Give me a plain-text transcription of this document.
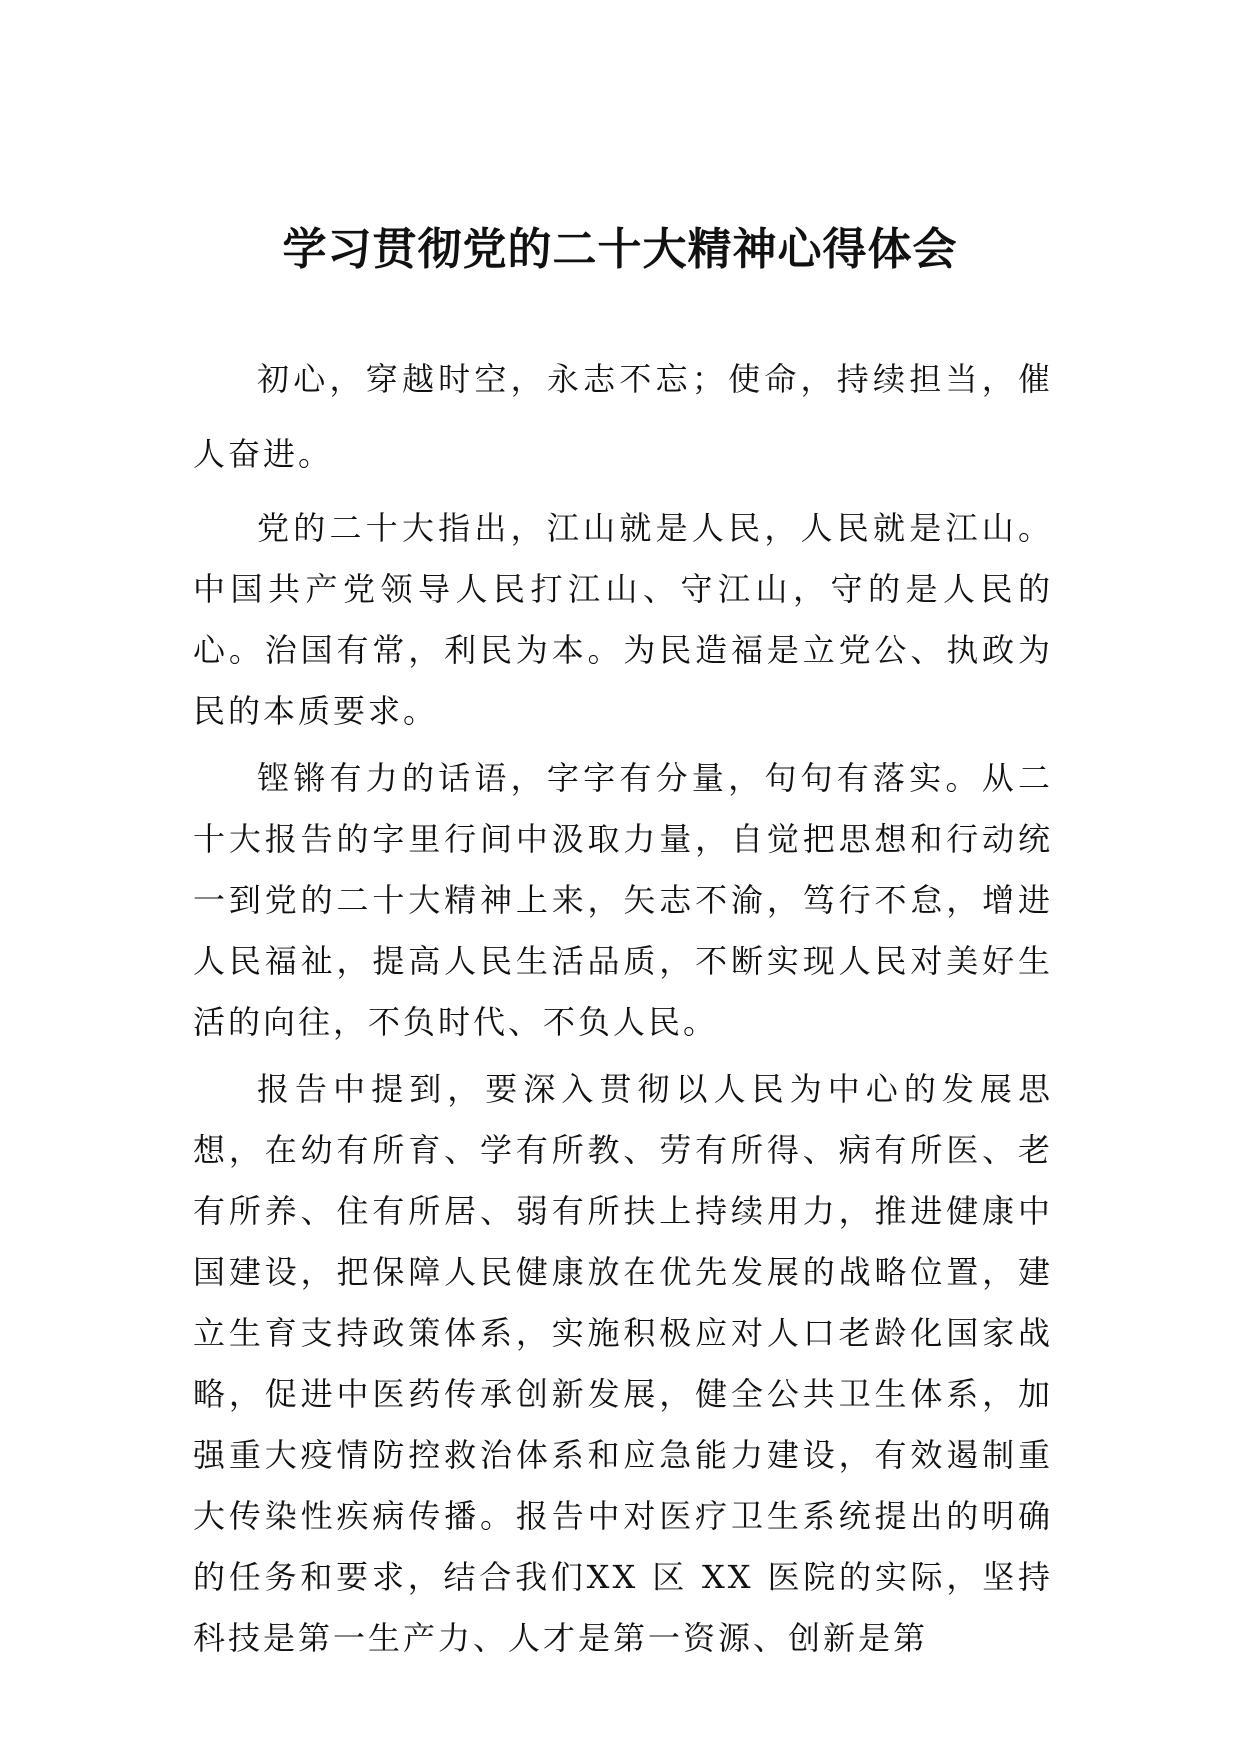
学习贯彻党的二十大精神心得体会

初心，穿越时空，永志不忘；使命，持续担当，催人奋进。

党的二十大指出，江山就是人民，人民就是江山。中国共产党领导人民打江山、守江山，守的是人民的心。治国有常，利民为本。为民造福是立党公、执政为民的本质要求。

铿锵有力的话语，字字有分量，句句有落实。从二十大报告的字里行间中汲取力量，自觉把思想和行动统一到党的二十大精神上来，矢志不渝，笃行不怠，增进人民福祉，提高人民生活品质，不断实现人民对美好生活的向往，不负时代、不负人民。

报告中提到，要深入贯彻以人民为中心的发展思想，在幼有所育、学有所教、劳有所得、病有所医、老有所养、住有所居、弱有所扶上持续用力，推进健康中国建设，把保障人民健康放在优先发展的战略位置，建立生育支持政策体系，实施积极应对人口老龄化国家战略，促进中医药传承创新发展，健全公共卫生体系，加强重大疫情防控救治体系和应急能力建设，有效遏制重大传染性疾病传播。报告中对医疗卫生系统提出的明确的任务和要求，结合我们XX 区 XX 医院的实际，坚持科技是第一生产力、人才是第一资源、创新是第
